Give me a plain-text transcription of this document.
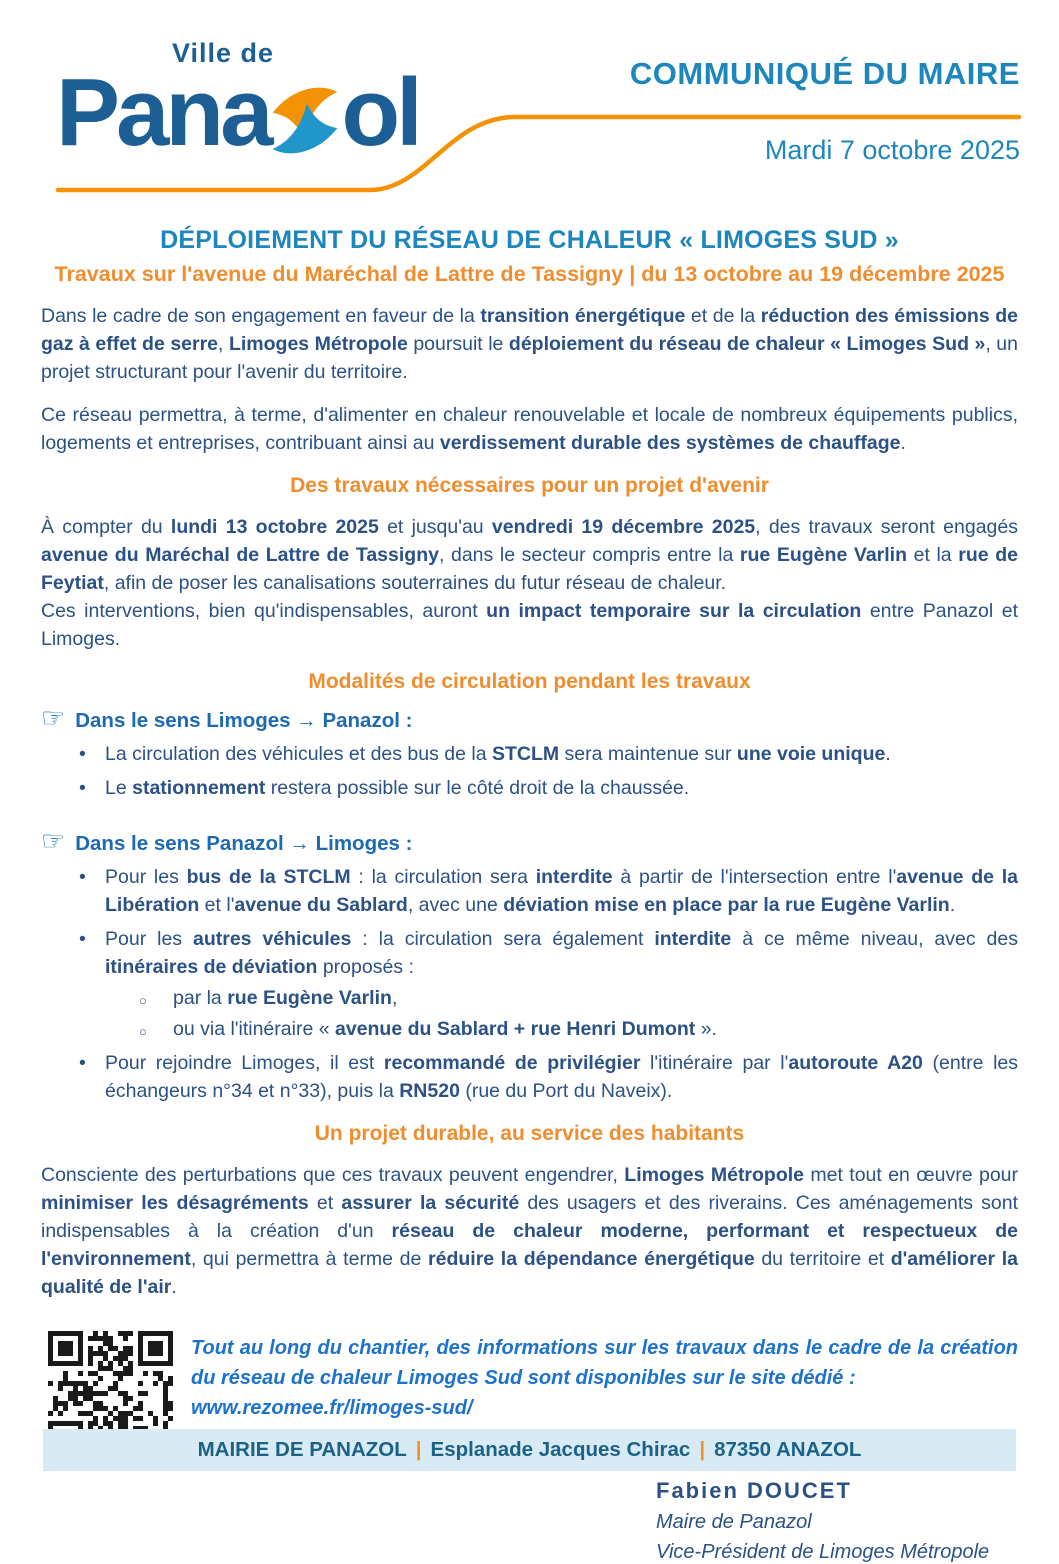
Ville de
Pana ol	COMMUNIQUÉ DU MAIRE
Mardi 7 octobre 2025
DÉPLOIEMENT DU RÉSEAU DE CHALEUR « LIMOGES SUD »
Travaux sur l'avenue du Maréchal de Lattre de Tassigny | du 13 octobre au 19 décembre 2025

Dans le cadre de son engagement en faveur de la transition énergétique et de la réduction des émissions de gaz à effet de serre, Limoges Métropole poursuit le déploiement du réseau de chaleur « Limoges Sud », un projet structurant pour l'avenir du territoire.

Ce réseau permettra, à terme, d'alimenter en chaleur renouvelable et locale de nombreux équipements publics, logements et entreprises, contribuant ainsi au verdissement durable des systèmes de chauffage.

Des travaux nécessaires pour un projet d'avenir

À compter du lundi 13 octobre 2025 et jusqu'au vendredi 19 décembre 2025, des travaux seront engagés avenue du Maréchal de Lattre de Tassigny, dans le secteur compris entre la rue Eugène Varlin et la rue de Feytiat, afin de poser les canalisations souterraines du futur réseau de chaleur.

Ces interventions, bien qu'indispensables, auront un impact temporaire sur la circulation entre Panazol et Limoges.

Modalités de circulation pendant les travaux
☞ Dans le sens Limoges → Panazol :
• La circulation des véhicules et des bus de la STCLM sera maintenue sur une voie unique.
• Le stationnement restera possible sur le côté droit de la chaussée.
☞ Dans le sens Panazol → Limoges :
• Pour les bus de la STCLM : la circulation sera interdite à partir de l'intersection entre l'avenue de la Libération et l'avenue du Sablard, avec une déviation mise en place par la rue Eugène Varlin.
• Pour les autres véhicules : la circulation sera également interdite à ce même niveau, avec des itinéraires de déviation proposés :
○ par la rue Eugène Varlin,
○ ou via l'itinéraire « avenue du Sablard + rue Henri Dumont ».
• Pour rejoindre Limoges, il est recommandé de privilégier l'itinéraire par l'autoroute A20 (entre les échangeurs n°34 et n°33), puis la RN520 (rue du Port du Naveix).
Un projet durable, au service des habitants

Consciente des perturbations que ces travaux peuvent engendrer, Limoges Métropole met tout en œuvre pour minimiser les désagréments et assurer la sécurité des usagers et des riverains. Ces aménagements sont indispensables à la création d'un réseau de chaleur moderne, performant et respectueux de l'environnement, qui permettra à terme de réduire la dépendance énergétique du territoire et d'améliorer la qualité de l'air.

Tout au long du chantier, des informations sur les travaux dans le cadre de la création du réseau de chaleur Limoges Sud sont disponibles sur le site dédié :
www.rezomee.fr/limoges-sud/
Fabien DOUCET
Maire de Panazol
Vice-Président de Limoges Métropole
MAIRIE DE PANAZOL | Esplanade Jacques Chirac | 87350 ANAZOL
